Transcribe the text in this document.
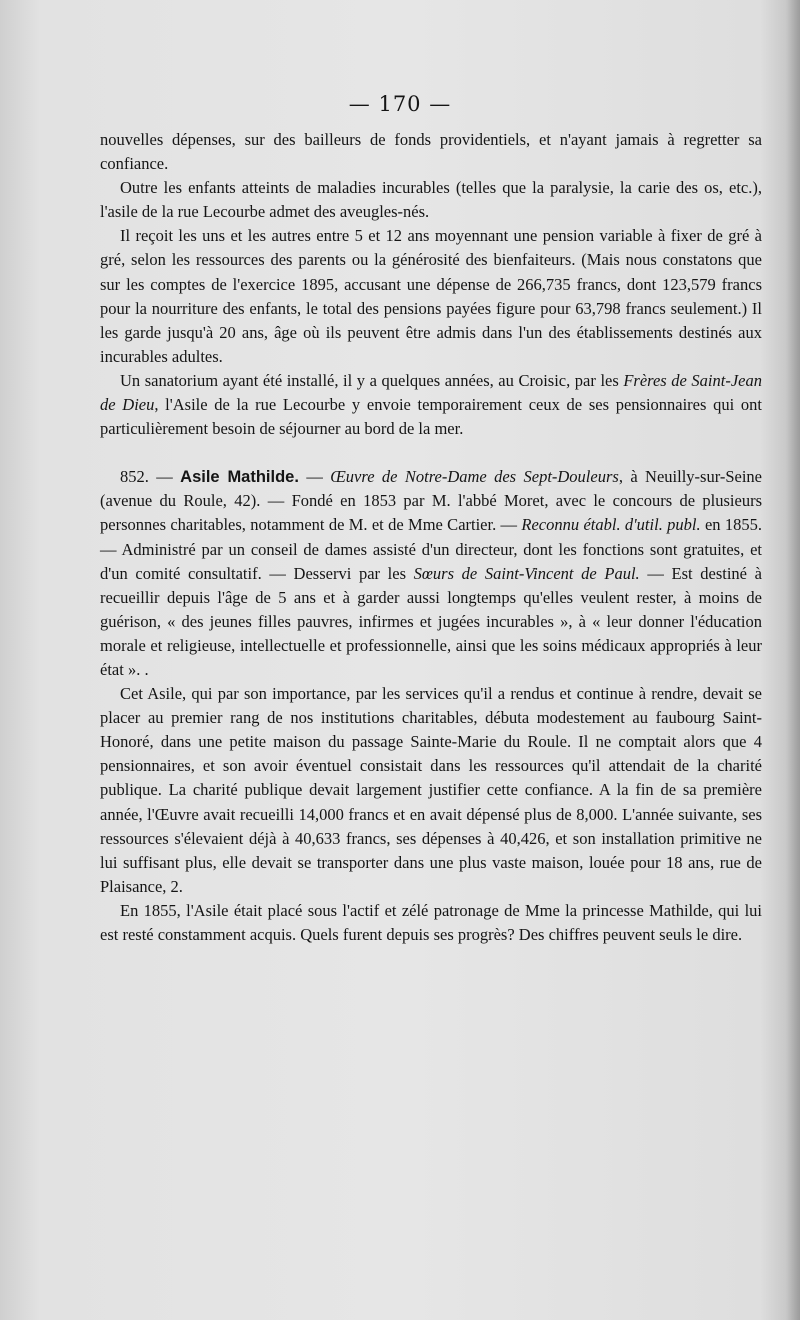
— 170 —

nouvelles dépenses, sur des bailleurs de fonds providentiels, et n'ayant jamais à regretter sa confiance.

Outre les enfants atteints de maladies incurables (telles que la paralysie, la carie des os, etc.), l'asile de la rue Lecourbe admet des aveugles-nés.

Il reçoit les uns et les autres entre 5 et 12 ans moyennant une pension variable à fixer de gré à gré, selon les ressources des parents ou la générosité des bienfaiteurs. (Mais nous constatons que sur les comptes de l'exercice 1895, accusant une dépense de 266,735 francs, dont 123,579 francs pour la nourriture des enfants, le total des pensions payées figure pour 63,798 francs seulement.) Il les garde jusqu'à 20 ans, âge où ils peuvent être admis dans l'un des établissements destinés aux incurables adultes.

Un sanatorium ayant été installé, il y a quelques années, au Croisic, par les Frères de Saint-Jean de Dieu, l'Asile de la rue Lecourbe y envoie temporairement ceux de ses pensionnaires qui ont particulièrement besoin de séjourner au bord de la mer.

852. — Asile Mathilde. — Œuvre de Notre-Dame des Sept-Douleurs, à Neuilly-sur-Seine (avenue du Roule, 42). — Fondé en 1853 par M. l'abbé Moret, avec le concours de plusieurs personnes charitables, notamment de M. et de Mme Cartier. — Reconnu établ. d'util. publ. en 1855. — Administré par un conseil de dames assisté d'un directeur, dont les fonctions sont gratuites, et d'un comité consultatif. — Desservi par les Sœurs de Saint-Vincent de Paul. — Est destiné à recueillir depuis l'âge de 5 ans et à garder aussi longtemps qu'elles veulent rester, à moins de guérison, « des jeunes filles pauvres, infirmes et jugées incurables », à « leur donner l'éducation morale et religieuse, intellectuelle et professionnelle, ainsi que les soins médicaux appropriés à leur état ». .

Cet Asile, qui par son importance, par les services qu'il a rendus et continue à rendre, devait se placer au premier rang de nos institutions charitables, débuta modestement au faubourg Saint-Honoré, dans une petite maison du passage Sainte-Marie du Roule. Il ne comptait alors que 4 pensionnaires, et son avoir éventuel consistait dans les ressources qu'il attendait de la charité publique. La charité publique devait largement justifier cette confiance. A la fin de sa première année, l'Œuvre avait recueilli 14,000 francs et en avait dépensé plus de 8,000. L'année suivante, ses ressources s'élevaient déjà à 40,633 francs, ses dépenses à 40,426, et son installation primitive ne lui suffisant plus, elle devait se transporter dans une plus vaste maison, louée pour 18 ans, rue de Plaisance, 2.

En 1855, l'Asile était placé sous l'actif et zélé patronage de Mme la princesse Mathilde, qui lui est resté constamment acquis. Quels furent depuis ses progrès? Des chiffres peuvent seuls le dire.
